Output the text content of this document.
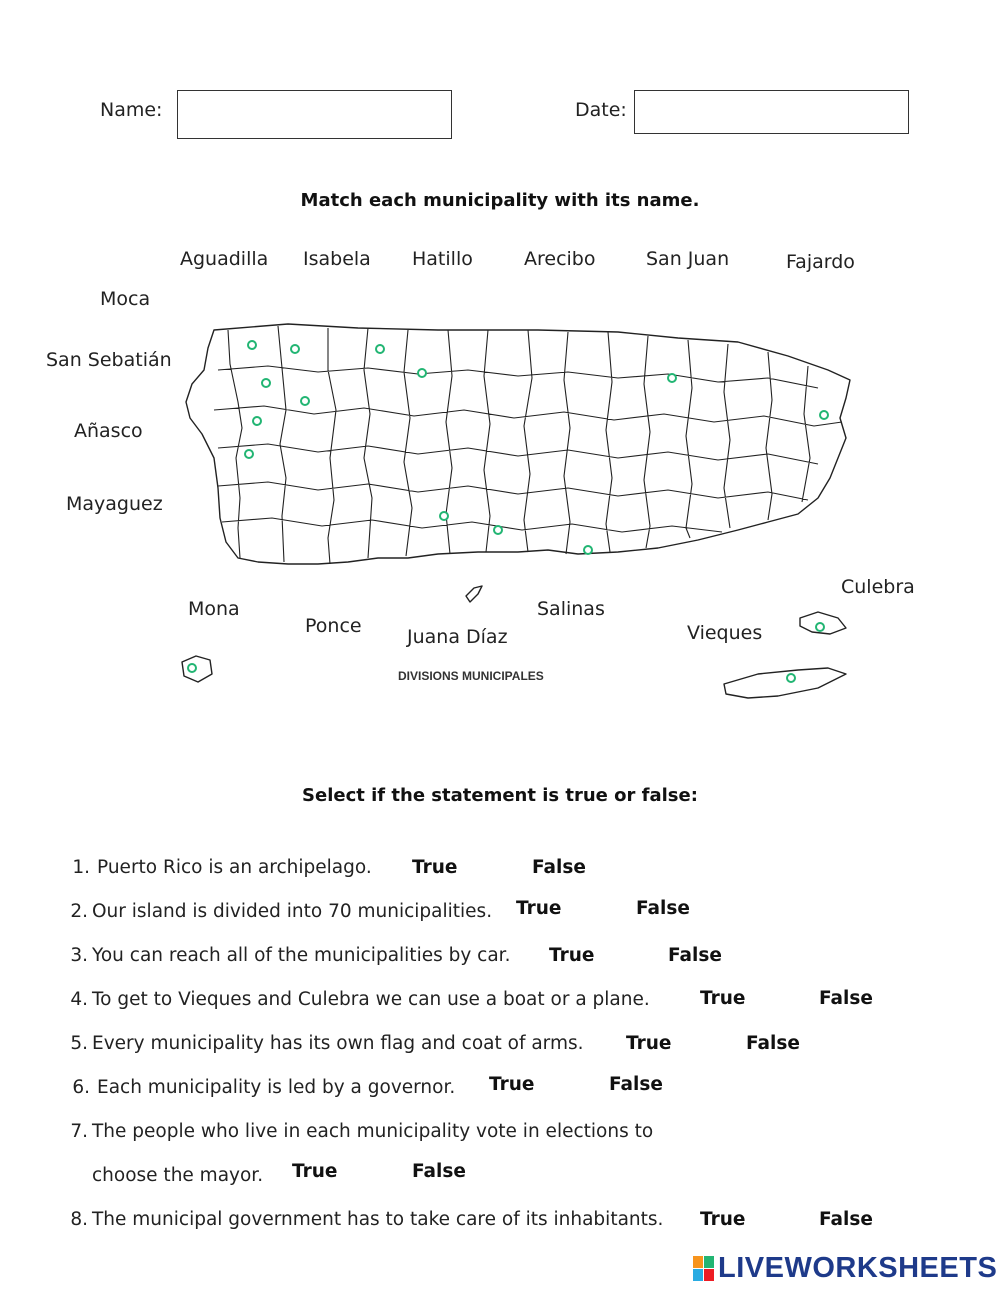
Name:	Date:
Match each municipality with its name.
Aguadilla Isabela Hatillo	Arecibo	San Juan	Fajardo
Moca
San Sebatián
Añasco
Mayaguez
Mona
Ponce Juana Díaz
Salinas
Vieques
Culebra
DIVISIONS MUNICIPALES
Select if the statement is true or false:
1. Puerto Rico is an archipelago. True	False
2. Our island is divided into 70 municipalities. True	False
3. You can reach all of the municipalities by car. True	False
4. To get to Vieques and Culebra we can use a boat or a plane.	True	False
5. Every municipality has its own flag and coat of arms. True	False
6. Each municipality is led by a governor. True	False
7. The people who live in each municipality vote in elections to
choose the mayor. True	False
8. The municipal government has to take care of its inhabitants. True	False
LIVEWORKSHEETS
